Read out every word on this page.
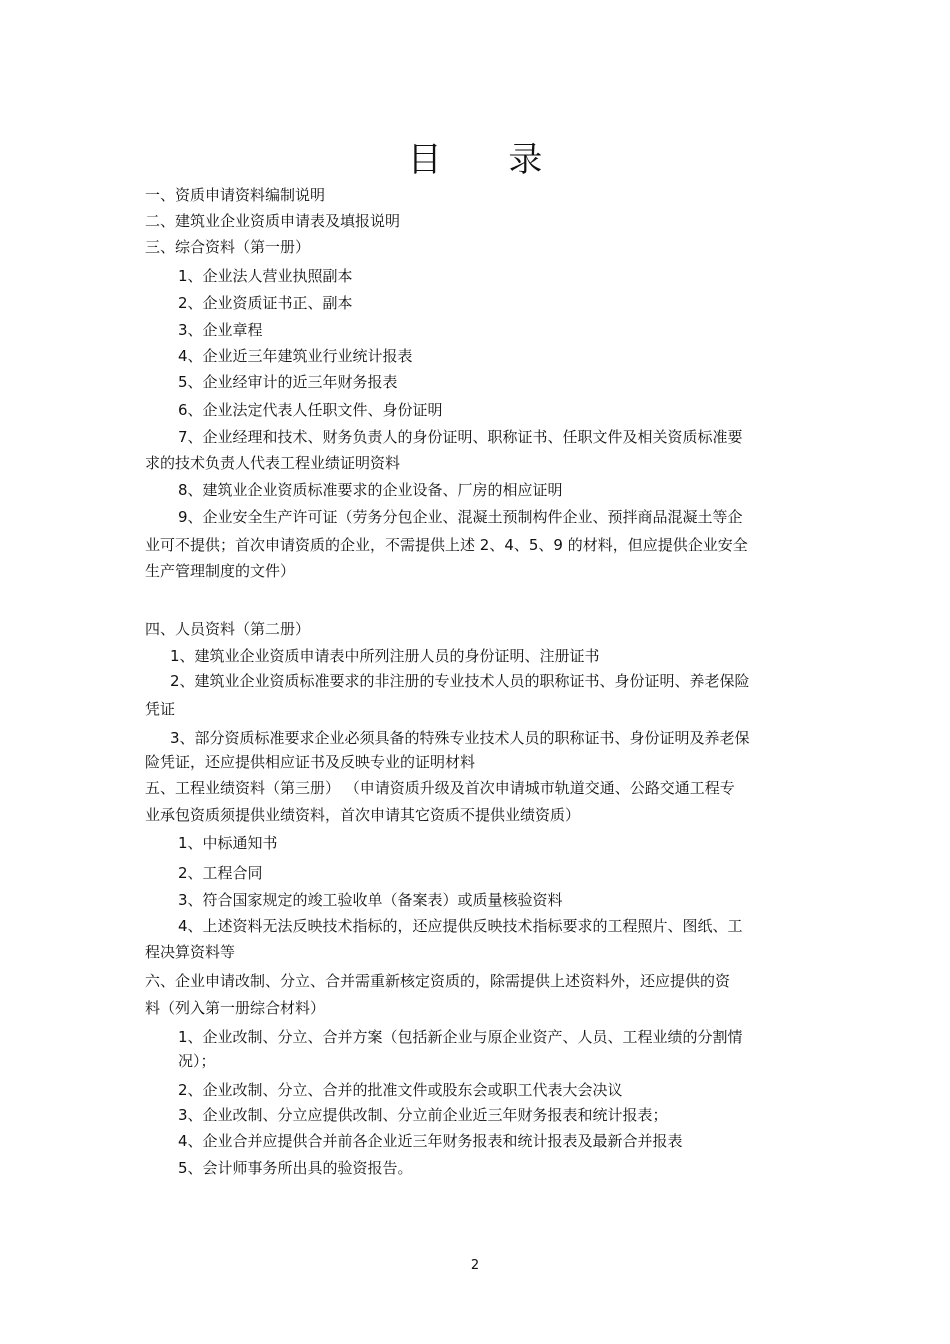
目 录
一、资质申请资料编制说明
二、建筑业企业资质申请表及填报说明
三、综合资料（第一册）
1、企业法人营业执照副本
2、企业资质证书正、副本
3、企业章程
4、企业近三年建筑业行业统计报表
5、企业经审计的近三年财务报表
6、企业法定代表人任职文件、身份证明
7、企业经理和技术、财务负责人的身份证明、职称证书、任职文件及相关资质标准要
求的技术负责人代表工程业绩证明资料
8、建筑业企业资质标准要求的企业设备、厂房的相应证明
9、企业安全生产许可证（劳务分包企业、混凝土预制构件企业、预拌商品混凝土等企
业可不提供；首次申请资质的企业，不需提供上述 2、4、5、9 的材料，但应提供企业安全
生产管理制度的文件）
四、人员资料（第二册）
1、建筑业企业资质申请表中所列注册人员的身份证明、注册证书
2、建筑业企业资质标准要求的非注册的专业技术人员的职称证书、身份证明、养老保险
凭证
3、部分资质标准要求企业必须具备的特殊专业技术人员的职称证书、身份证明及养老保
险凭证，还应提供相应证书及反映专业的证明材料
五、工程业绩资料（第三册） （申请资质升级及首次申请城市轨道交通、公路交通工程专
业承包资质须提供业绩资料，首次申请其它资质不提供业绩资质）
1、中标通知书
2、工程合同
3、符合国家规定的竣工验收单（备案表）或质量核验资料
4、上述资料无法反映技术指标的，还应提供反映技术指标要求的工程照片、图纸、工
程决算资料等
六、企业申请改制、分立、合并需重新核定资质的，除需提供上述资料外，还应提供的资
料（列入第一册综合材料）
1、企业改制、分立、合并方案（包括新企业与原企业资产、人员、工程业绩的分割情
况）；
2、企业改制、分立、合并的批准文件或股东会或职工代表大会决议
3、企业改制、分立应提供改制、分立前企业近三年财务报表和统计报表；
4、企业合并应提供合并前各企业近三年财务报表和统计报表及最新合并报表
5、会计师事务所出具的验资报告。
2
